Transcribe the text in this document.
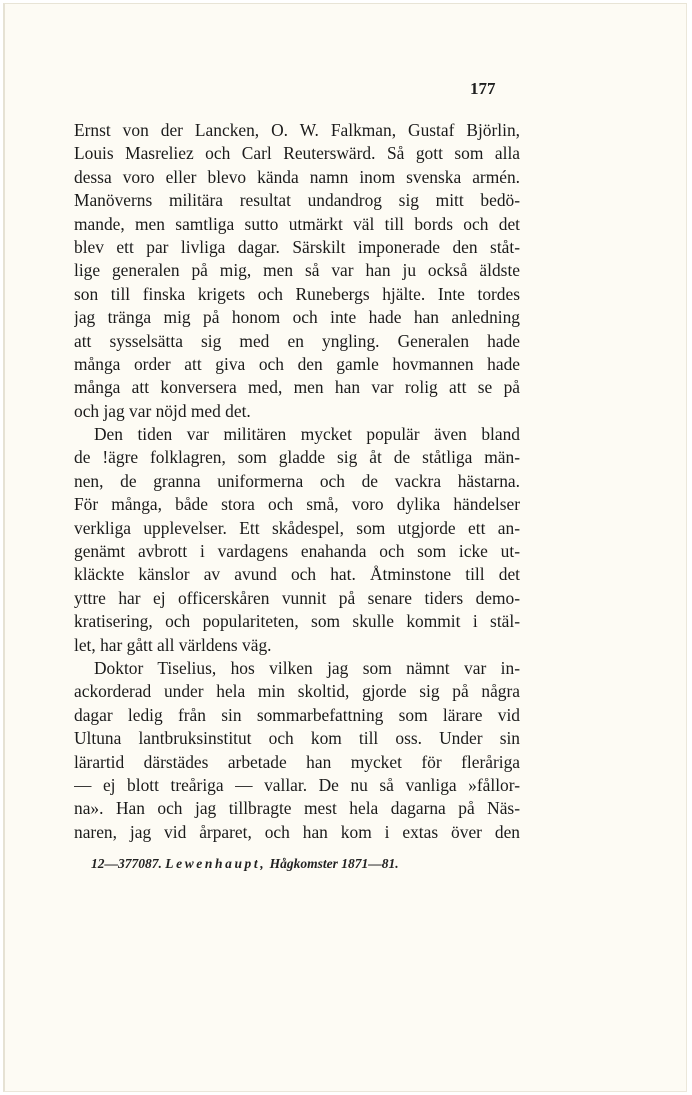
177
Ernst von der Lancken, O. W. Falkman, Gustaf Björlin,
Louis Masreliez och Carl Reuterswärd. Så gott som alla
dessa voro eller blevo kända namn inom svenska armén.
Manöverns militära resultat undandrog sig mitt bedö-
mande, men samtliga sutto utmärkt väl till bords och det
blev ett par livliga dagar. Särskilt imponerade den ståt-
lige generalen på mig, men så var han ju också äldste
son till finska krigets och Runebergs hjälte. Inte tordes
jag tränga mig på honom och inte hade han anledning
att sysselsätta sig med en yngling. Generalen hade
många order att giva och den gamle hovmannen hade
många att konversera med, men han var rolig att se på
och jag var nöjd med det.
Den tiden var militären mycket populär även bland
de !ägre folklagren, som gladde sig åt de ståtliga män-
nen, de granna uniformerna och de vackra hästarna.
För många, både stora och små, voro dylika händelser
verkliga upplevelser. Ett skådespel, som utgjorde ett an-
genämt avbrott i vardagens enahanda och som icke ut-
kläckte känslor av avund och hat. Åtminstone till det
yttre har ej officerskåren vunnit på senare tiders demo-
kratisering, och populariteten, som skulle kommit i stäl-
let, har gått all världens väg.
Doktor Tiselius, hos vilken jag som nämnt var in-
ackorderad under hela min skoltid, gjorde sig på några
dagar ledig från sin sommarbefattning som lärare vid
Ultuna lantbruksinstitut och kom till oss. Under sin
lärartid därstädes arbetade han mycket för fleråriga
— ej blott treåriga — vallar. De nu så vanliga »fållor-
na». Han och jag tillbragte mest hela dagarna på Näs-
naren, jag vid årparet, och han kom i extas över den
12—377087. Lewenhaupt, Hågkomster 1871—81.
